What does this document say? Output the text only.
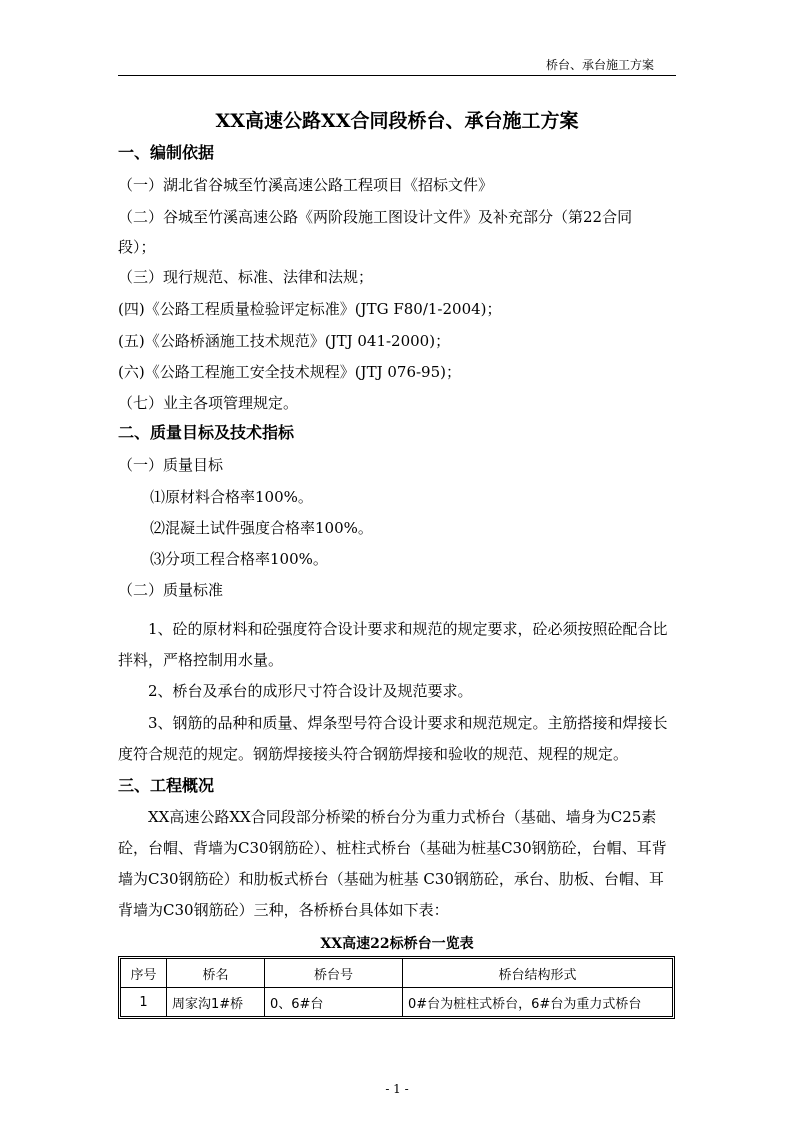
桥台、承台施工方案
XX高速公路XX合同段桥台、承台施工方案
一、编制依据
（一）湖北省谷城至竹溪高速公路工程项目《招标文件》
（二）谷城至竹溪高速公路《两阶段施工图设计文件》及补充部分（第22合同
段）；
（三）现行规范、标准、法律和法规；
(四)《公路工程质量检验评定标准》(JTG F80/1-2004)；
(五)《公路桥涵施工技术规范》(JTJ 041-2000)；
(六)《公路工程施工安全技术规程》(JTJ 076-95)；
（七）业主各项管理规定。
二、质量目标及技术指标
（一）质量目标
⑴原材料合格率100%。
⑵混凝土试件强度合格率100%。
⑶分项工程合格率100%。
（二）质量标准
1、砼的原材料和砼强度符合设计要求和规范的规定要求，砼必须按照砼配合比拌料，严格控制用水量。
2、桥台及承台的成形尺寸符合设计及规范要求。
3、钢筋的品种和质量、焊条型号符合设计要求和规范规定。主筋搭接和焊接长度符合规范的规定。钢筋焊接接头符合钢筋焊接和验收的规范、规程的规定。
三、工程概况
XX高速公路XX合同段部分桥梁的桥台分为重力式桥台（基础、墙身为C25素砼，台帽、背墙为C30钢筋砼）、桩柱式桥台（基础为桩基C30钢筋砼，台帽、耳背墙为C30钢筋砼）和肋板式桥台（基础为桩基 C30钢筋砼，承台、肋板、台帽、耳背墙为C30钢筋砼）三种，各桥桥台具体如下表：
XX高速22标桥台一览表
序号	桥名	桥台号	桥台结构形式
1	周家沟1#桥	0、6#台	0#台为桩柱式桥台，6#台为重力式桥台
- 1 -
